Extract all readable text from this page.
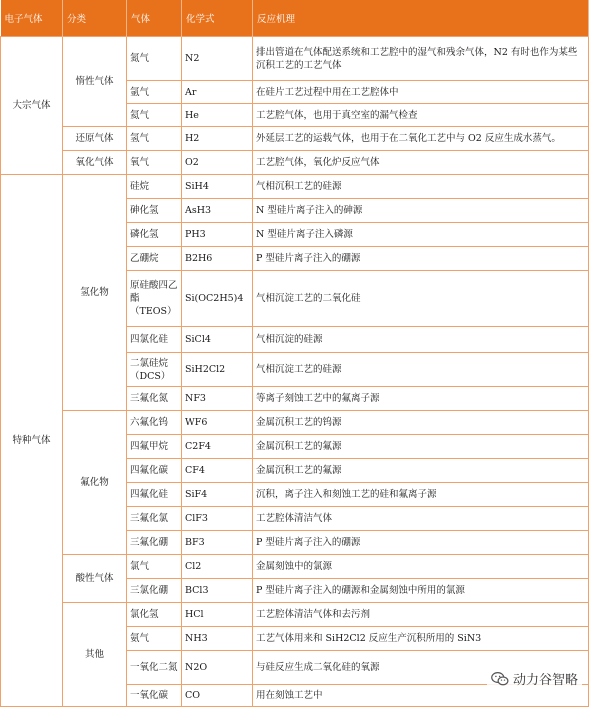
电子气体	分类	气体	化学式	反应机理
大宗气体	惰性气体	氮气	N2	排出管道在气体配送系统和工艺腔中的湿气和残余气体，N2 有时也作为某些沉积工艺的工艺气体
		氩气	Ar	在硅片工艺过程中用在工艺腔体中
		氦气	He	工艺腔气体，也用于真空室的漏气检查
	还原气体	氢气	H2	外延层工艺的运载气体，也用于在二氧化工艺中与 O2 反应生成水蒸气。
	氧化气体	氧气	O2	工艺腔气体，氧化炉反应气体
特种气体	氢化物	硅烷	SiH4	气相沉积工艺的硅源
		砷化氢	AsH3	N 型硅片离子注入的砷源
		磷化氢	PH3	N 型硅片离子注入磷源
		乙硼烷	B2H6	P 型硅片离子注入的硼源
		原硅酸四乙酯（TEOS）	Si(OC2H5)4	气相沉淀工艺的二氧化硅
		四氯化硅	SiCl4	气相沉淀的硅源
		二氯硅烷（DCS）	SiH2Cl2	气相沉淀工艺的硅源
		三氟化氮	NF3	等离子刻蚀工艺中的氟离子源
	氟化物	六氟化钨	WF6	金属沉积工艺的钨源
		四氟甲烷	C2F4	金属沉积工艺的氟源
		四氟化碳	CF4	金属沉积工艺的氟源
		四氟化硅	SiF4	沉积，离子注入和刻蚀工艺的硅和氟离子源
		三氟化氯	ClF3	工艺腔体清洁气体
		三氟化硼	BF3	P 型硅片离子注入的硼源
	酸性气体	氯气	Cl2	金属刻蚀中的氯源
		三氯化硼	BCl3	P 型硅片离子注入的硼源和金属刻蚀中所用的氯源
	其他	氯化氢	HCl	工艺腔体清洁气体和去污剂
		氨气	NH3	工艺气体用来和 SiH2Cl2 反应生产沉积所用的 SiN3
		一氧化二氮	N2O	与硅反应生成二氧化硅的氧源
		一氧化碳	CO	用在刻蚀工艺中
动力谷智略
